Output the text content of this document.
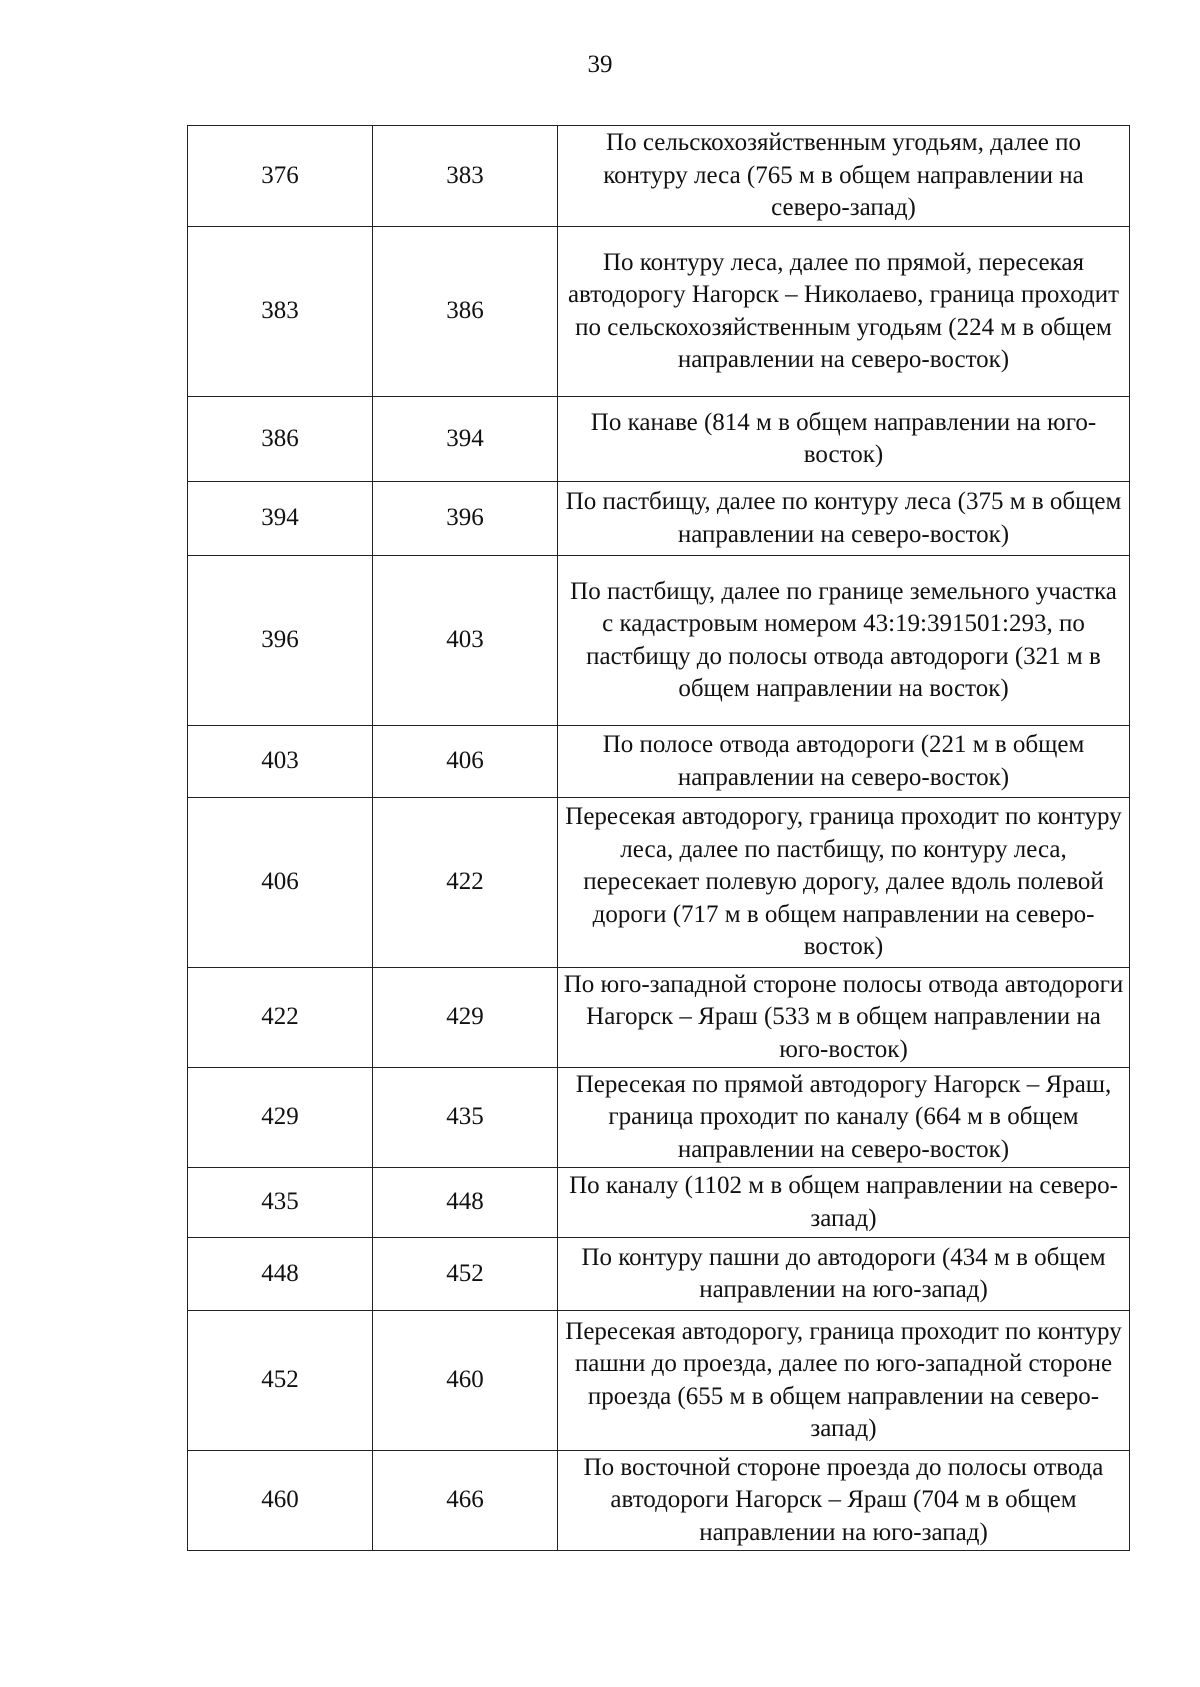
39
376	383	По сельскохозяйственным угодьям, далее по контуру леса (765 м в общем направлении на северо-запад)
383	386	По контуру леса, далее по прямой, пересекая автодорогу Нагорск – Николаево, граница проходит по сельскохозяйственным угодьям (224 м в общем направлении на северо-восток)
386	394	По канаве (814 м в общем направлении на юго-восток)
394	396	По пастбищу, далее по контуру леса (375 м в общем направлении на северо-восток)
396	403	По пастбищу, далее по границе земельного участка с кадастровым номером 43:19:391501:293, по пастбищу до полосы отвода автодороги (321 м в общем направлении на восток)
403	406	По полосе отвода автодороги (221 м в общем направлении на северо-восток)
406	422	Пересекая автодорогу, граница проходит по контуру леса, далее по пастбищу, по контуру леса, пересекает полевую дорогу, далее вдоль полевой дороги (717 м в общем направлении на северо-восток)
422	429	По юго-западной стороне полосы отвода автодороги Нагорск – Яраш (533 м в общем направлении на юго-восток)
429	435	Пересекая по прямой автодорогу Нагорск – Яраш, граница проходит по каналу (664 м в общем направлении на северо-восток)
435	448	По каналу (1102 м в общем направлении на северо-запад)
448	452	По контуру пашни до автодороги (434 м в общем направлении на юго-запад)
452	460	Пересекая автодорогу, граница проходит по контуру пашни до проезда, далее по юго-западной стороне проезда (655 м в общем направлении на северо-запад)
460	466	По восточной стороне проезда до полосы отвода автодороги Нагорск – Яраш (704 м в общем направлении на юго-запад)
